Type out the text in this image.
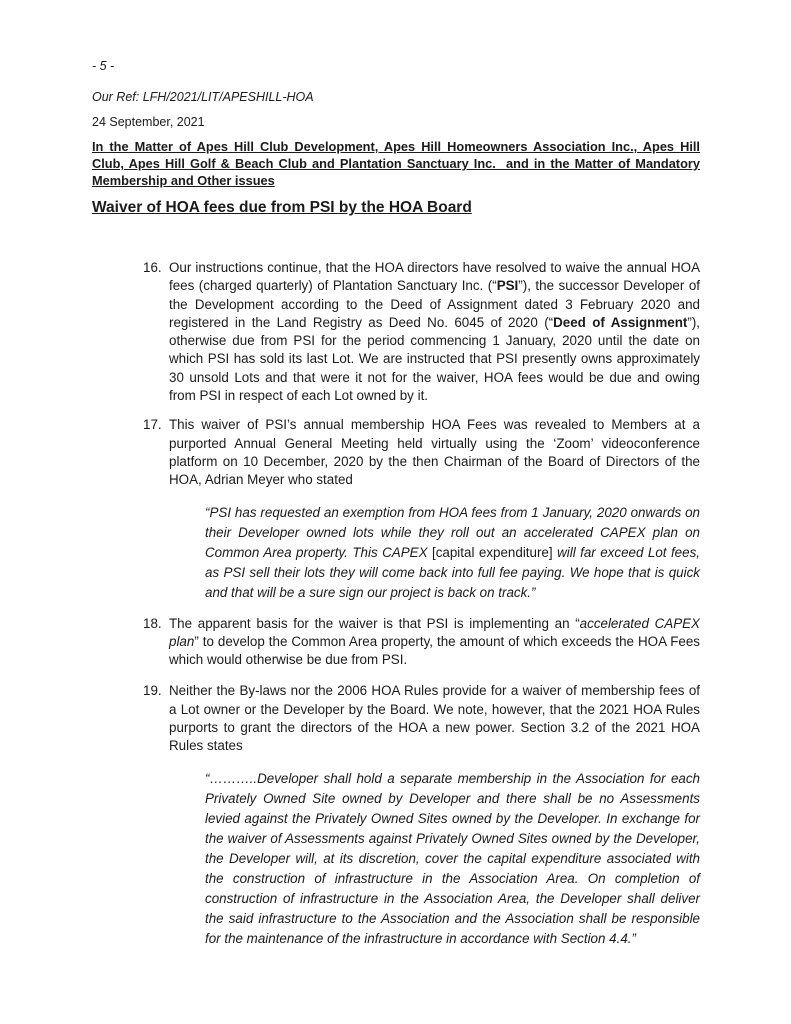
- 5 -
Our Ref: LFH/2021/LIT/APESHILL-HOA
24 September, 2021
In the Matter of Apes Hill Club Development, Apes Hill Homeowners Association Inc., Apes Hill Club, Apes Hill Golf & Beach Club and Plantation Sanctuary Inc.  and in the Matter of Mandatory Membership and Other issues
Waiver of HOA fees due from PSI by the HOA Board
16. Our instructions continue, that the HOA directors have resolved to waive the annual HOA fees (charged quarterly) of Plantation Sanctuary Inc. (“PSI”), the successor Developer of the Development according to the Deed of Assignment dated 3 February 2020 and registered in the Land Registry as Deed No. 6045 of 2020 (“Deed of Assignment”), otherwise due from PSI for the period commencing 1 January, 2020 until the date on which PSI has sold its last Lot. We are instructed that PSI presently owns approximately 30 unsold Lots and that were it not for the waiver, HOA fees would be due and owing from PSI in respect of each Lot owned by it.
17. This waiver of PSI’s annual membership HOA Fees was revealed to Members at a purported Annual General Meeting held virtually using the ‘Zoom’ videoconference platform on 10 December, 2020 by the then Chairman of the Board of Directors of the HOA, Adrian Meyer who stated
“PSI has requested an exemption from HOA fees from 1 January, 2020 onwards on their Developer owned lots while they roll out an accelerated CAPEX plan on Common Area property. This CAPEX [capital expenditure] will far exceed Lot fees, as PSI sell their lots they will come back into full fee paying. We hope that is quick and that will be a sure sign our project is back on track.”
18. The apparent basis for the waiver is that PSI is implementing an “accelerated CAPEX plan” to develop the Common Area property, the amount of which exceeds the HOA Fees which would otherwise be due from PSI.
19. Neither the By-laws nor the 2006 HOA Rules provide for a waiver of membership fees of a Lot owner or the Developer by the Board. We note, however, that the 2021 HOA Rules purports to grant the directors of the HOA a new power. Section 3.2 of the 2021 HOA Rules states
“………..Developer shall hold a separate membership in the Association for each Privately Owned Site owned by Developer and there shall be no Assessments levied against the Privately Owned Sites owned by the Developer. In exchange for the waiver of Assessments against Privately Owned Sites owned by the Developer, the Developer will, at its discretion, cover the capital expenditure associated with the construction of infrastructure in the Association Area. On completion of construction of infrastructure in the Association Area, the Developer shall deliver the said infrastructure to the Association and the Association shall be responsible for the maintenance of the infrastructure in accordance with Section 4.4.”
